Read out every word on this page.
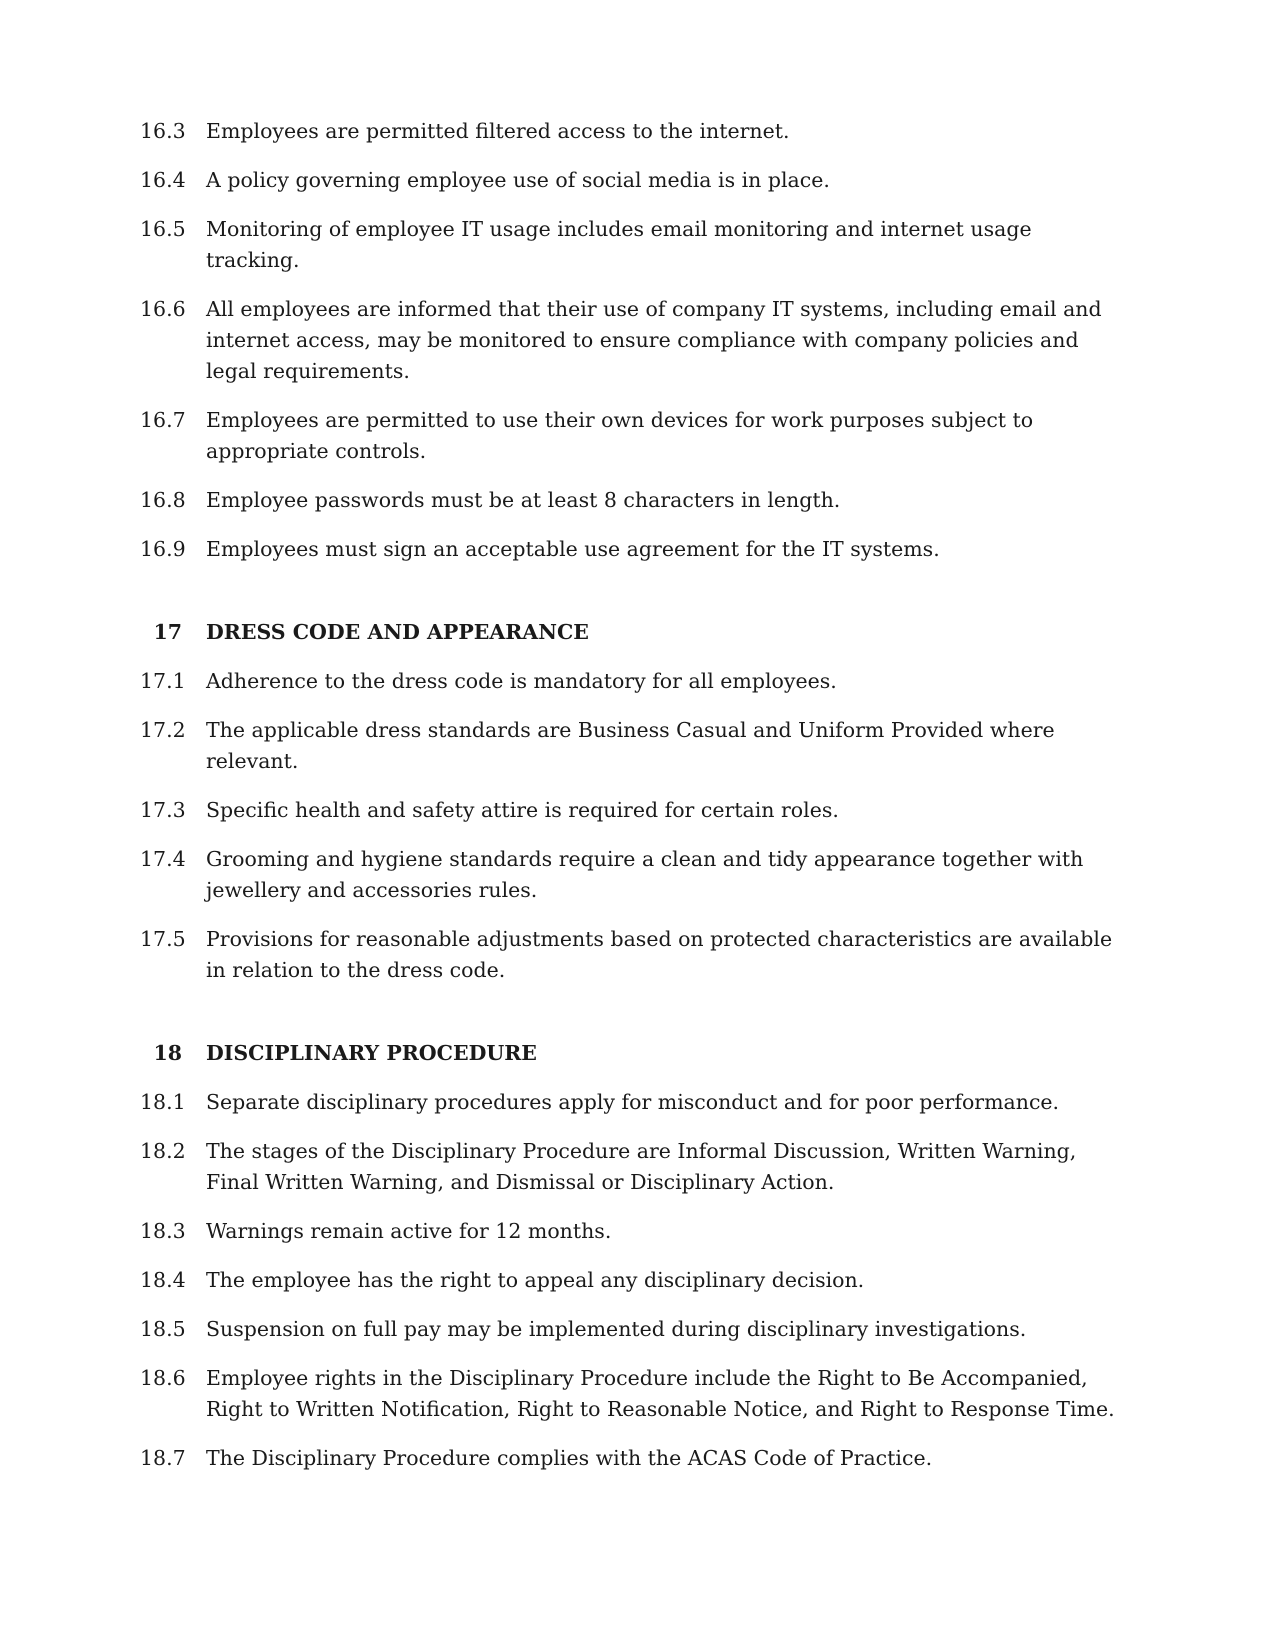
16.3 Employees are permitted filtered access to the internet.
16.4 A policy governing employee use of social media is in place.
16.5 Monitoring of employee IT usage includes email monitoring and internet usage tracking.
16.6 All employees are informed that their use of company IT systems, including email and internet access, may be monitored to ensure compliance with company policies and legal requirements.
16.7 Employees are permitted to use their own devices for work purposes subject to appropriate controls.
16.8 Employee passwords must be at least 8 characters in length.
16.9 Employees must sign an acceptable use agreement for the IT systems.
17	DRESS CODE AND APPEARANCE
17.1 Adherence to the dress code is mandatory for all employees.
17.2 The applicable dress standards are Business Casual and Uniform Provided where relevant.
17.3 Specific health and safety attire is required for certain roles.
17.4 Grooming and hygiene standards require a clean and tidy appearance together with jewellery and accessories rules.
17.5 Provisions for reasonable adjustments based on protected characteristics are available in relation to the dress code.
18	DISCIPLINARY PROCEDURE
18.1 Separate disciplinary procedures apply for misconduct and for poor performance.
18.2 The stages of the Disciplinary Procedure are Informal Discussion, Written Warning, Final Written Warning, and Dismissal or Disciplinary Action.
18.3 Warnings remain active for 12 months.
18.4 The employee has the right to appeal any disciplinary decision.
18.5 Suspension on full pay may be implemented during disciplinary investigations.
18.6 Employee rights in the Disciplinary Procedure include the Right to Be Accompanied, Right to Written Notification, Right to Reasonable Notice, and Right to Response Time.
18.7 The Disciplinary Procedure complies with the ACAS Code of Practice.
